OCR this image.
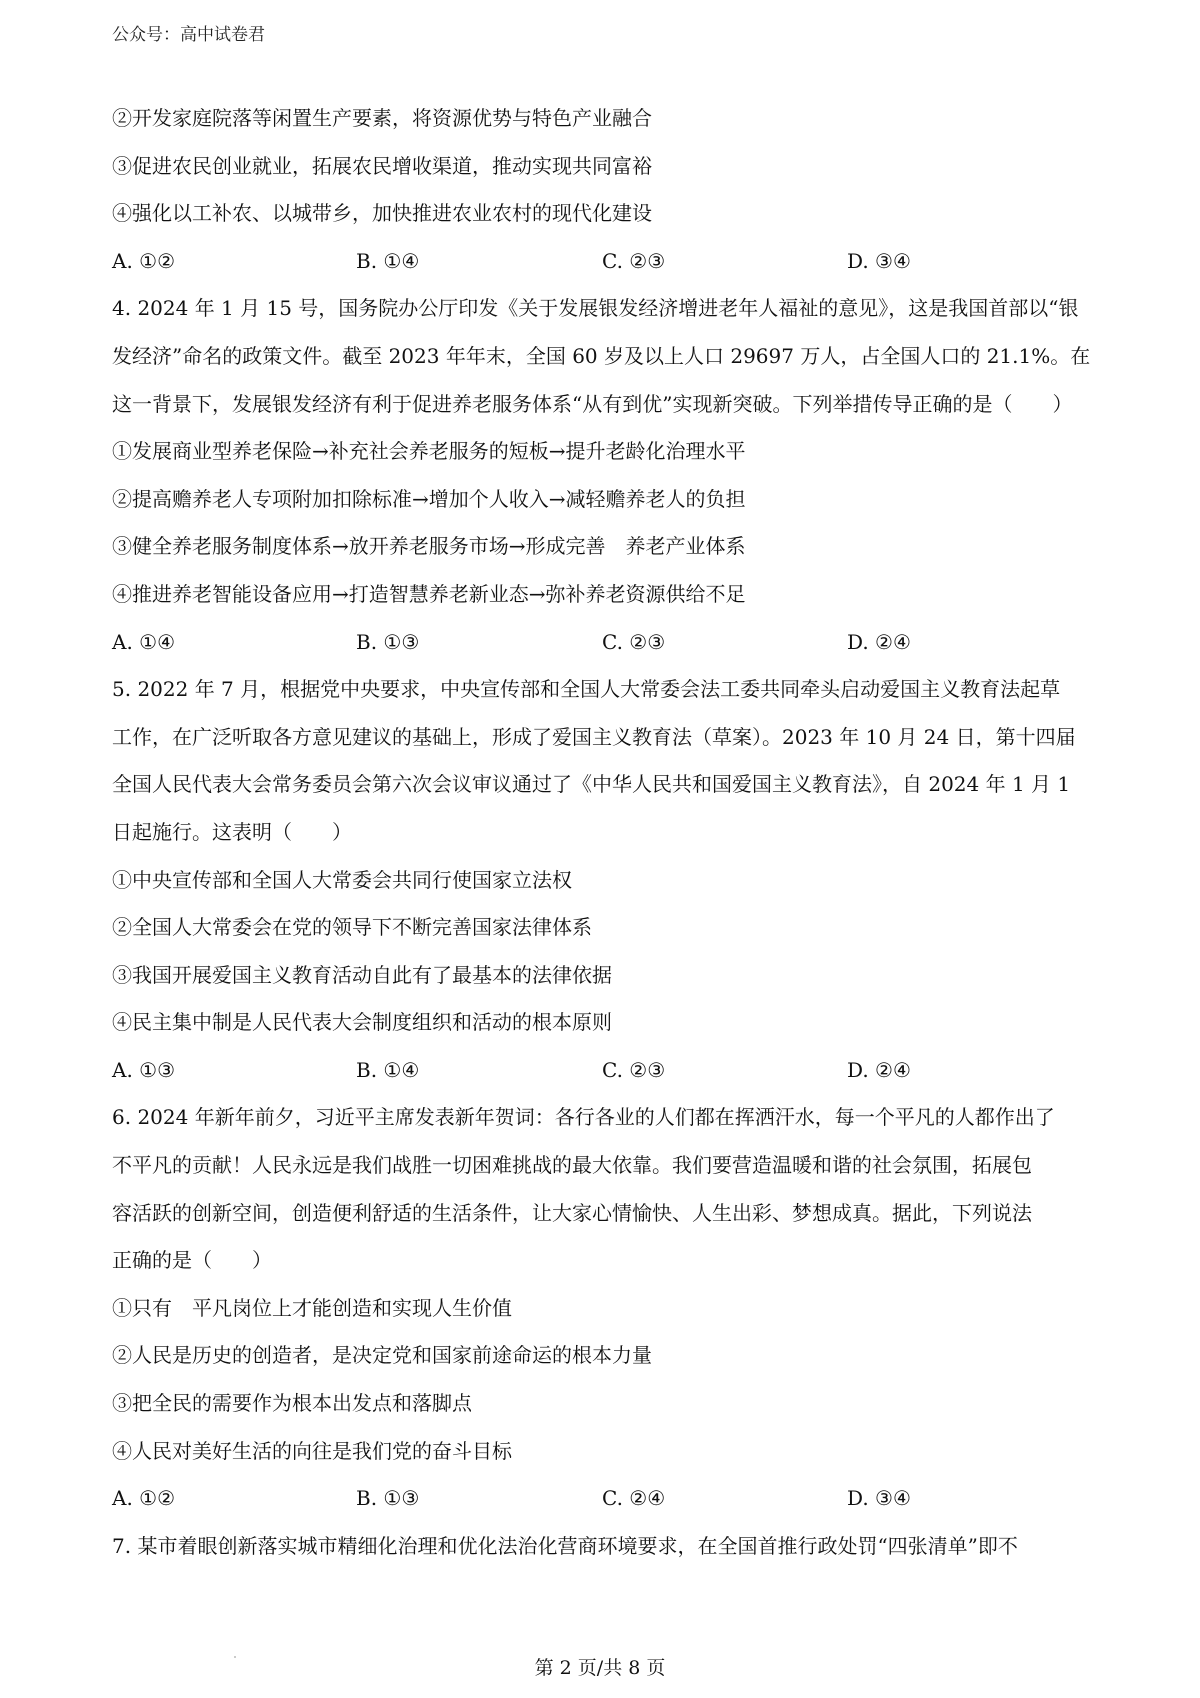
公众号：高中试卷君
②开发家庭院落等闲置生产要素，将资源优势与特色产业融合
③促进农民创业就业，拓展农民增收渠道，推动实现共同富裕
④强化以工补农、以城带乡，加快推进农业农村的现代化建设
A. ①②	B. ①④	C. ②③	D. ③④
4. 2024 年 1 月 15 号，国务院办公厅印发《关于发展银发经济增进老年人福祉的意见》，这是我国首部以“银
发经济”命名的政策文件。截至 2023 年年末，全国 60 岁及以上人口 29697 万人，占全国人口的 21.1%。在
这一背景下，发展银发经济有利于促进养老服务体系“从有到优”实现新突破。下列举措传导正确的是（　　）
①发展商业型养老保险→补充社会养老服务的短板→提升老龄化治理水平
②提高赡养老人专项附加扣除标准→增加个人收入→减轻赡养老人的负担
③健全养老服务制度体系→放开养老服务市场→形成完善　养老产业体系
④推进养老智能设备应用→打造智慧养老新业态→弥补养老资源供给不足
A. ①④	B. ①③	C. ②③	D. ②④
5. 2022 年 7 月，根据党中央要求，中央宣传部和全国人大常委会法工委共同牵头启动爱国主义教育法起草
工作，在广泛听取各方意见建议的基础上，形成了爱国主义教育法（草案）。2023 年 10 月 24 日，第十四届
全国人民代表大会常务委员会第六次会议审议通过了《中华人民共和国爱国主义教育法》，自 2024 年 1 月 1
日起施行。这表明（　　）
①中央宣传部和全国人大常委会共同行使国家立法权
②全国人大常委会在党的领导下不断完善国家法律体系
③我国开展爱国主义教育活动自此有了最基本的法律依据
④民主集中制是人民代表大会制度组织和活动的根本原则
A. ①③	B. ①④	C. ②③	D. ②④
6. 2024 年新年前夕，习近平主席发表新年贺词：各行各业的人们都在挥洒汗水，每一个平凡的人都作出了
不平凡的贡献！人民永远是我们战胜一切困难挑战的最大依靠。我们要营造温暖和谐的社会氛围，拓展包
容活跃的创新空间，创造便利舒适的生活条件，让大家心情愉快、人生出彩、梦想成真。据此，下列说法
正确的是（　　）
①只有　平凡岗位上才能创造和实现人生价值
②人民是历史的创造者，是决定党和国家前途命运的根本力量
③把全民的需要作为根本出发点和落脚点
④人民对美好生活的向往是我们党的奋斗目标
A. ①②	B. ①③	C. ②④	D. ③④
7. 某市着眼创新落实城市精细化治理和优化法治化营商环境要求，在全国首推行政处罚“四张清单”即不
第 2 页/共 8 页
